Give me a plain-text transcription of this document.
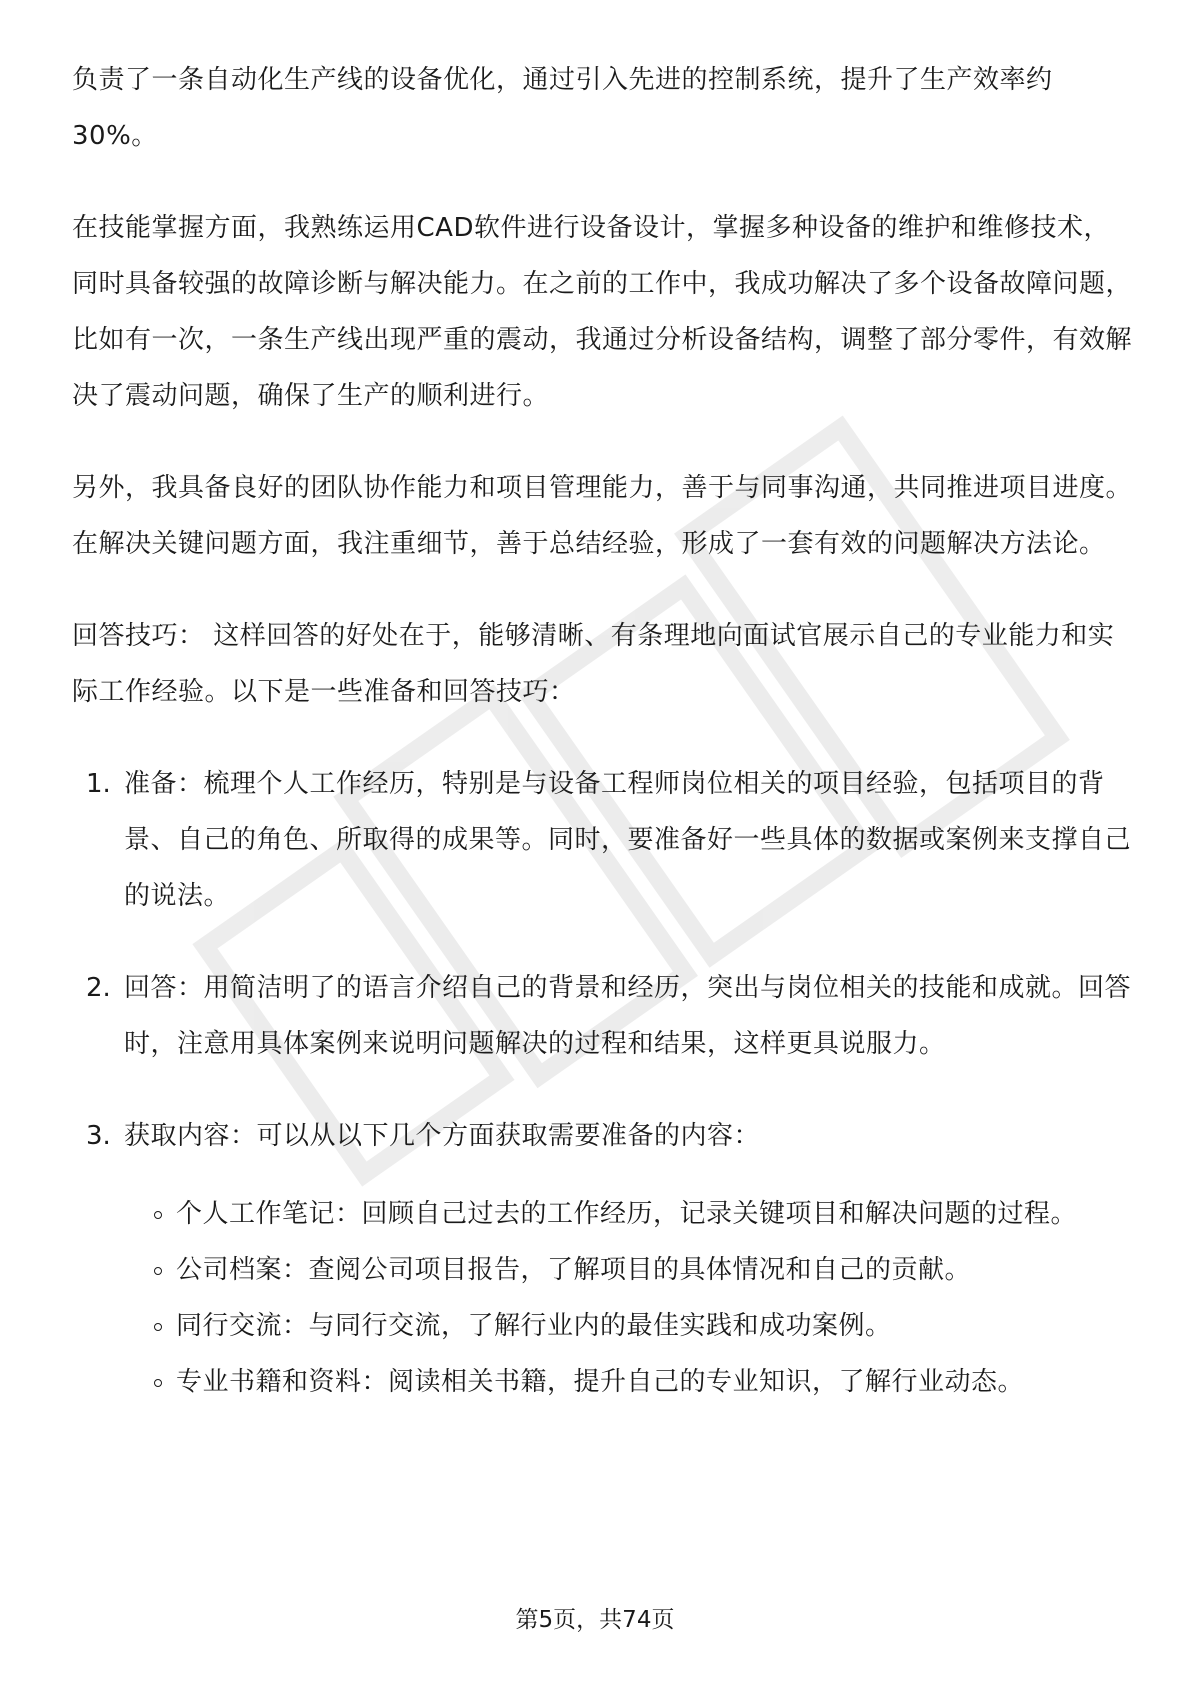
负责了一条自动化生产线的设备优化，通过引入先进的控制系统，提升了生产效率约30%。

在技能掌握方面，我熟练运用CAD软件进行设备设计，掌握多种设备的维护和维修技术，同时具备较强的故障诊断与解决能力。在之前的工作中，我成功解决了多个设备故障问题，比如有一次，一条生产线出现严重的震动，我通过分析设备结构，调整了部分零件，有效解决了震动问题，确保了生产的顺利进行。

另外，我具备良好的团队协作能力和项目管理能力，善于与同事沟通，共同推进项目进度。在解决关键问题方面，我注重细节，善于总结经验，形成了一套有效的问题解决方法论。

回答技巧： 这样回答的好处在于，能够清晰、有条理地向面试官展示自己的专业能力和实际工作经验。以下是一些准备和回答技巧：

1. 准备：梳理个人工作经历，特别是与设备工程师岗位相关的项目经验，包括项目的背景、自己的角色、所取得的成果等。同时，要准备好一些具体的数据或案例来支撑自己的说法。

2. 回答：用简洁明了的语言介绍自己的背景和经历，突出与岗位相关的技能和成就。回答时，注意用具体案例来说明问题解决的过程和结果，这样更具说服力。

3. 获取内容：可以从以下几个方面获取需要准备的内容：

个人工作笔记：回顾自己过去的工作经历，记录关键项目和解决问题的过程。

公司档案：查阅公司项目报告，了解项目的具体情况和自己的贡献。

同行交流：与同行交流，了解行业内的最佳实践和成功案例。

专业书籍和资料：阅读相关书籍，提升自己的专业知识，了解行业动态。

第5页，共74页
